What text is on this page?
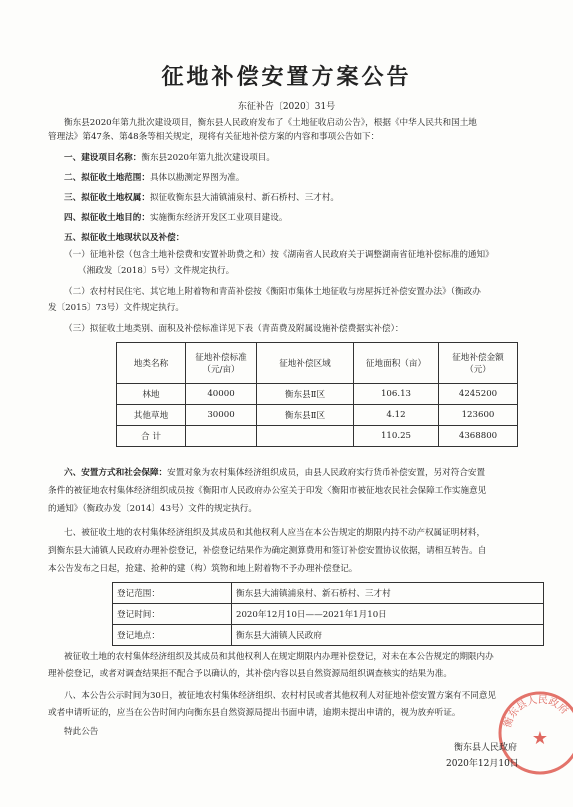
征地补偿安置方案公告
东征补告〔2020〕31号
衡东县2020年第九批次建设项目，衡东县人民政府发布了《土地征收启动公告》，根据《中华人民共和国土地
管理法》第47条、第48条等相关规定，现将有关征地补偿方案的内容和事项公告如下：
一、建设项目名称：衡东县2020年第九批次建设项目。
二、拟征收土地范围：具体以勘测定界图为准。
三、拟征收土地权属：拟征收衡东县大浦镇浦泉村、新石桥村、三才村。
四、拟征收土地目的：实施衡东经济开发区工业项目建设。
五、拟征收土地现状以及补偿：
（一）征地补偿（包含土地补偿费和安置补助费之和）按《湖南省人民政府关于调整湖南省征地补偿标准的通知》
（湘政发〔2018〕5号）文件规定执行。
（二）农村村民住宅、其它地上附着物和青苗补偿按《衡阳市集体土地征收与房屋拆迁补偿安置办法》（衡政办
发〔2015〕73号）文件规定执行。
（三）拟征收土地类别、面积及补偿标准详见下表（青苗费及附属设施补偿费据实补偿）：
地类名称	征地补偿标准（元/亩）	征地补偿区域	征地面积（亩）	征地补偿金额（元）
林地	40000	衡东县Ⅱ区	106.13	4245200
其他草地	30000	衡东县Ⅱ区	4.12	123600
合 计			110.25	4368800
六、安置方式和社会保障：安置对象为农村集体经济组织成员，由县人民政府实行货币补偿安置，另对符合安置
条件的被征地农村集体经济组织成员按《衡阳市人民政府办公室关于印发〈衡阳市被征地农民社会保障工作实施意见
的通知》（衡政办发〔2014〕43号）文件的规定执行。
七、被征收土地的农村集体经济组织及其成员和其他权利人应当在本公告规定的期限内持不动产权属证明材料，
到衡东县大浦镇人民政府办理补偿登记，补偿登记结果作为确定测算费用和签订补偿安置协议依据，请相互转告。自
本公告发布之日起，抢建、抢种的建（构）筑物和地上附着物不予办理补偿登记。
登记范围：	衡东县大浦镇浦泉村、新石桥村、三才村
登记时间：	2020年12月10日——2021年1月10日
登记地点：	衡东县大浦镇人民政府
被征收土地的农村集体经济组织及其成员和其他权利人在规定期限内办理补偿登记，对未在本公告规定的期限内办
理补偿登记，或者对调查结果拒不配合予以确认的，其补偿内容以县自然资源局组织调查核实的结果为准。
八、本公告公示时间为30日，被征地农村集体经济组织、农村村民或者其他权利人对征地补偿安置方案有不同意见
或者申请听证的，应当在公告时间内向衡东县自然资源局提出书面申请，逾期未提出申请的，视为放弃听证。
特此公告
衡东县人民政府
★
衡东县人民政府
2020年12月10日
